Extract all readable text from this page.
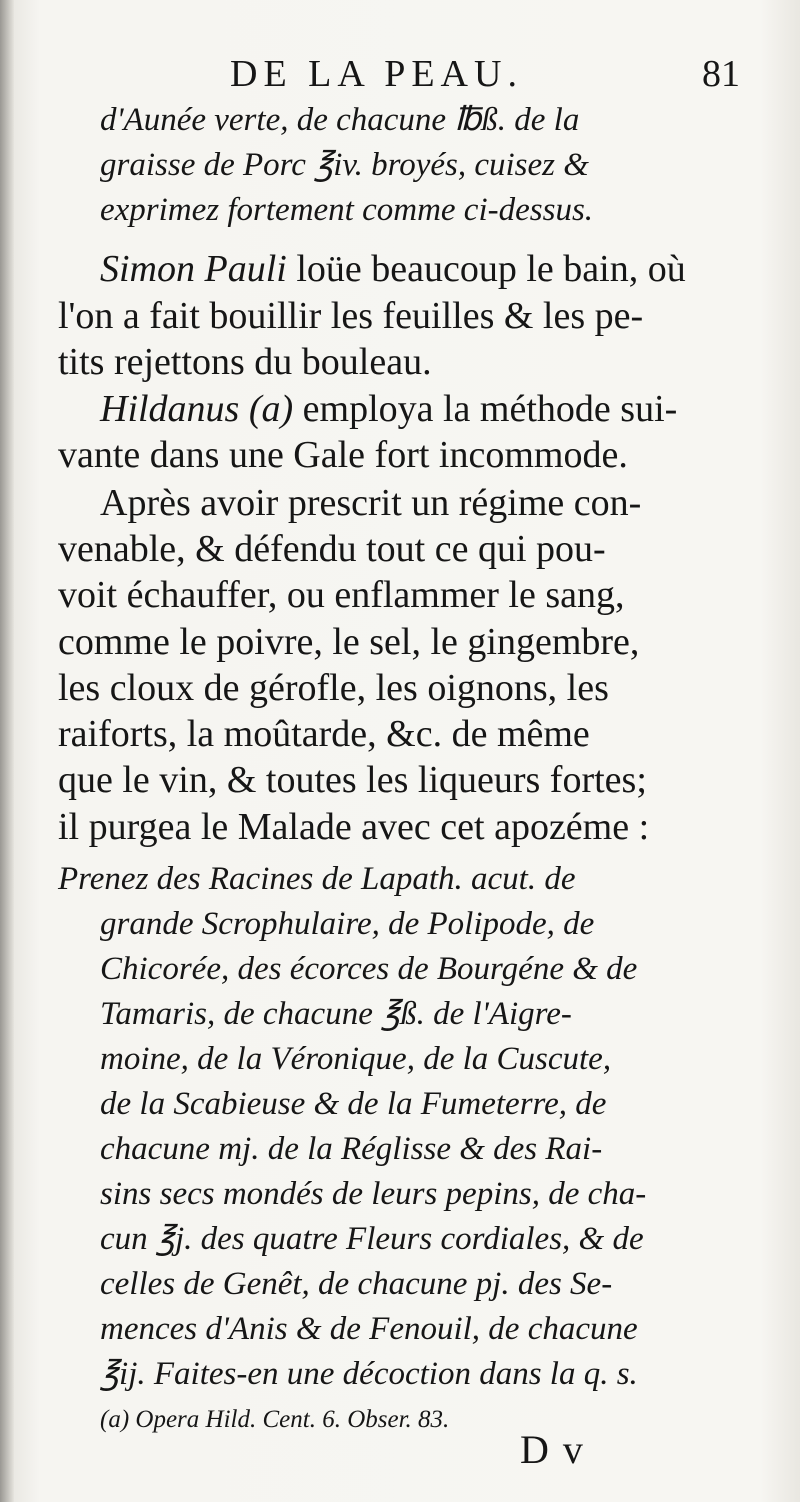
DE LA PEAU.	81
d'Aunée verte, de chacune ℔ß. de la
graisse de Porc ℥iv. broyés, cuisez &
exprimez fortement comme ci-dessus.
Simon Pauli loüe beaucoup le bain, où
l'on a fait bouillir les feuilles & les pe-
tits rejettons du bouleau.
Hildanus (a) employa la méthode sui-
vante dans une Gale fort incommode.
Après avoir prescrit un régime con-
venable, & défendu tout ce qui pou-
voit échauffer, ou enflammer le sang,
comme le poivre, le sel, le gingembre,
les cloux de gérofle, les oignons, les
raiforts, la moûtarde, &c. de même
que le vin, & toutes les liqueurs fortes;
il purgea le Malade avec cet apozéme :
Prenez des Racines de Lapath. acut. de
grande Scrophulaire, de Polipode, de
Chicorée, des écorces de Bourgéne & de
Tamaris, de chacune ℥ß. de l'Aigre-
moine, de la Véronique, de la Cuscute,
de la Scabieuse & de la Fumeterre, de
chacune mj. de la Réglisse & des Rai-
sins secs mondés de leurs pepins, de cha-
cun ℥j. des quatre Fleurs cordiales, & de
celles de Genêt, de chacune pj. des Se-
mences d'Anis & de Fenouil, de chacune
℥ij. Faites-en une décoction dans la q. s.
(a) Opera Hild. Cent. 6. Obser. 83.
D v
